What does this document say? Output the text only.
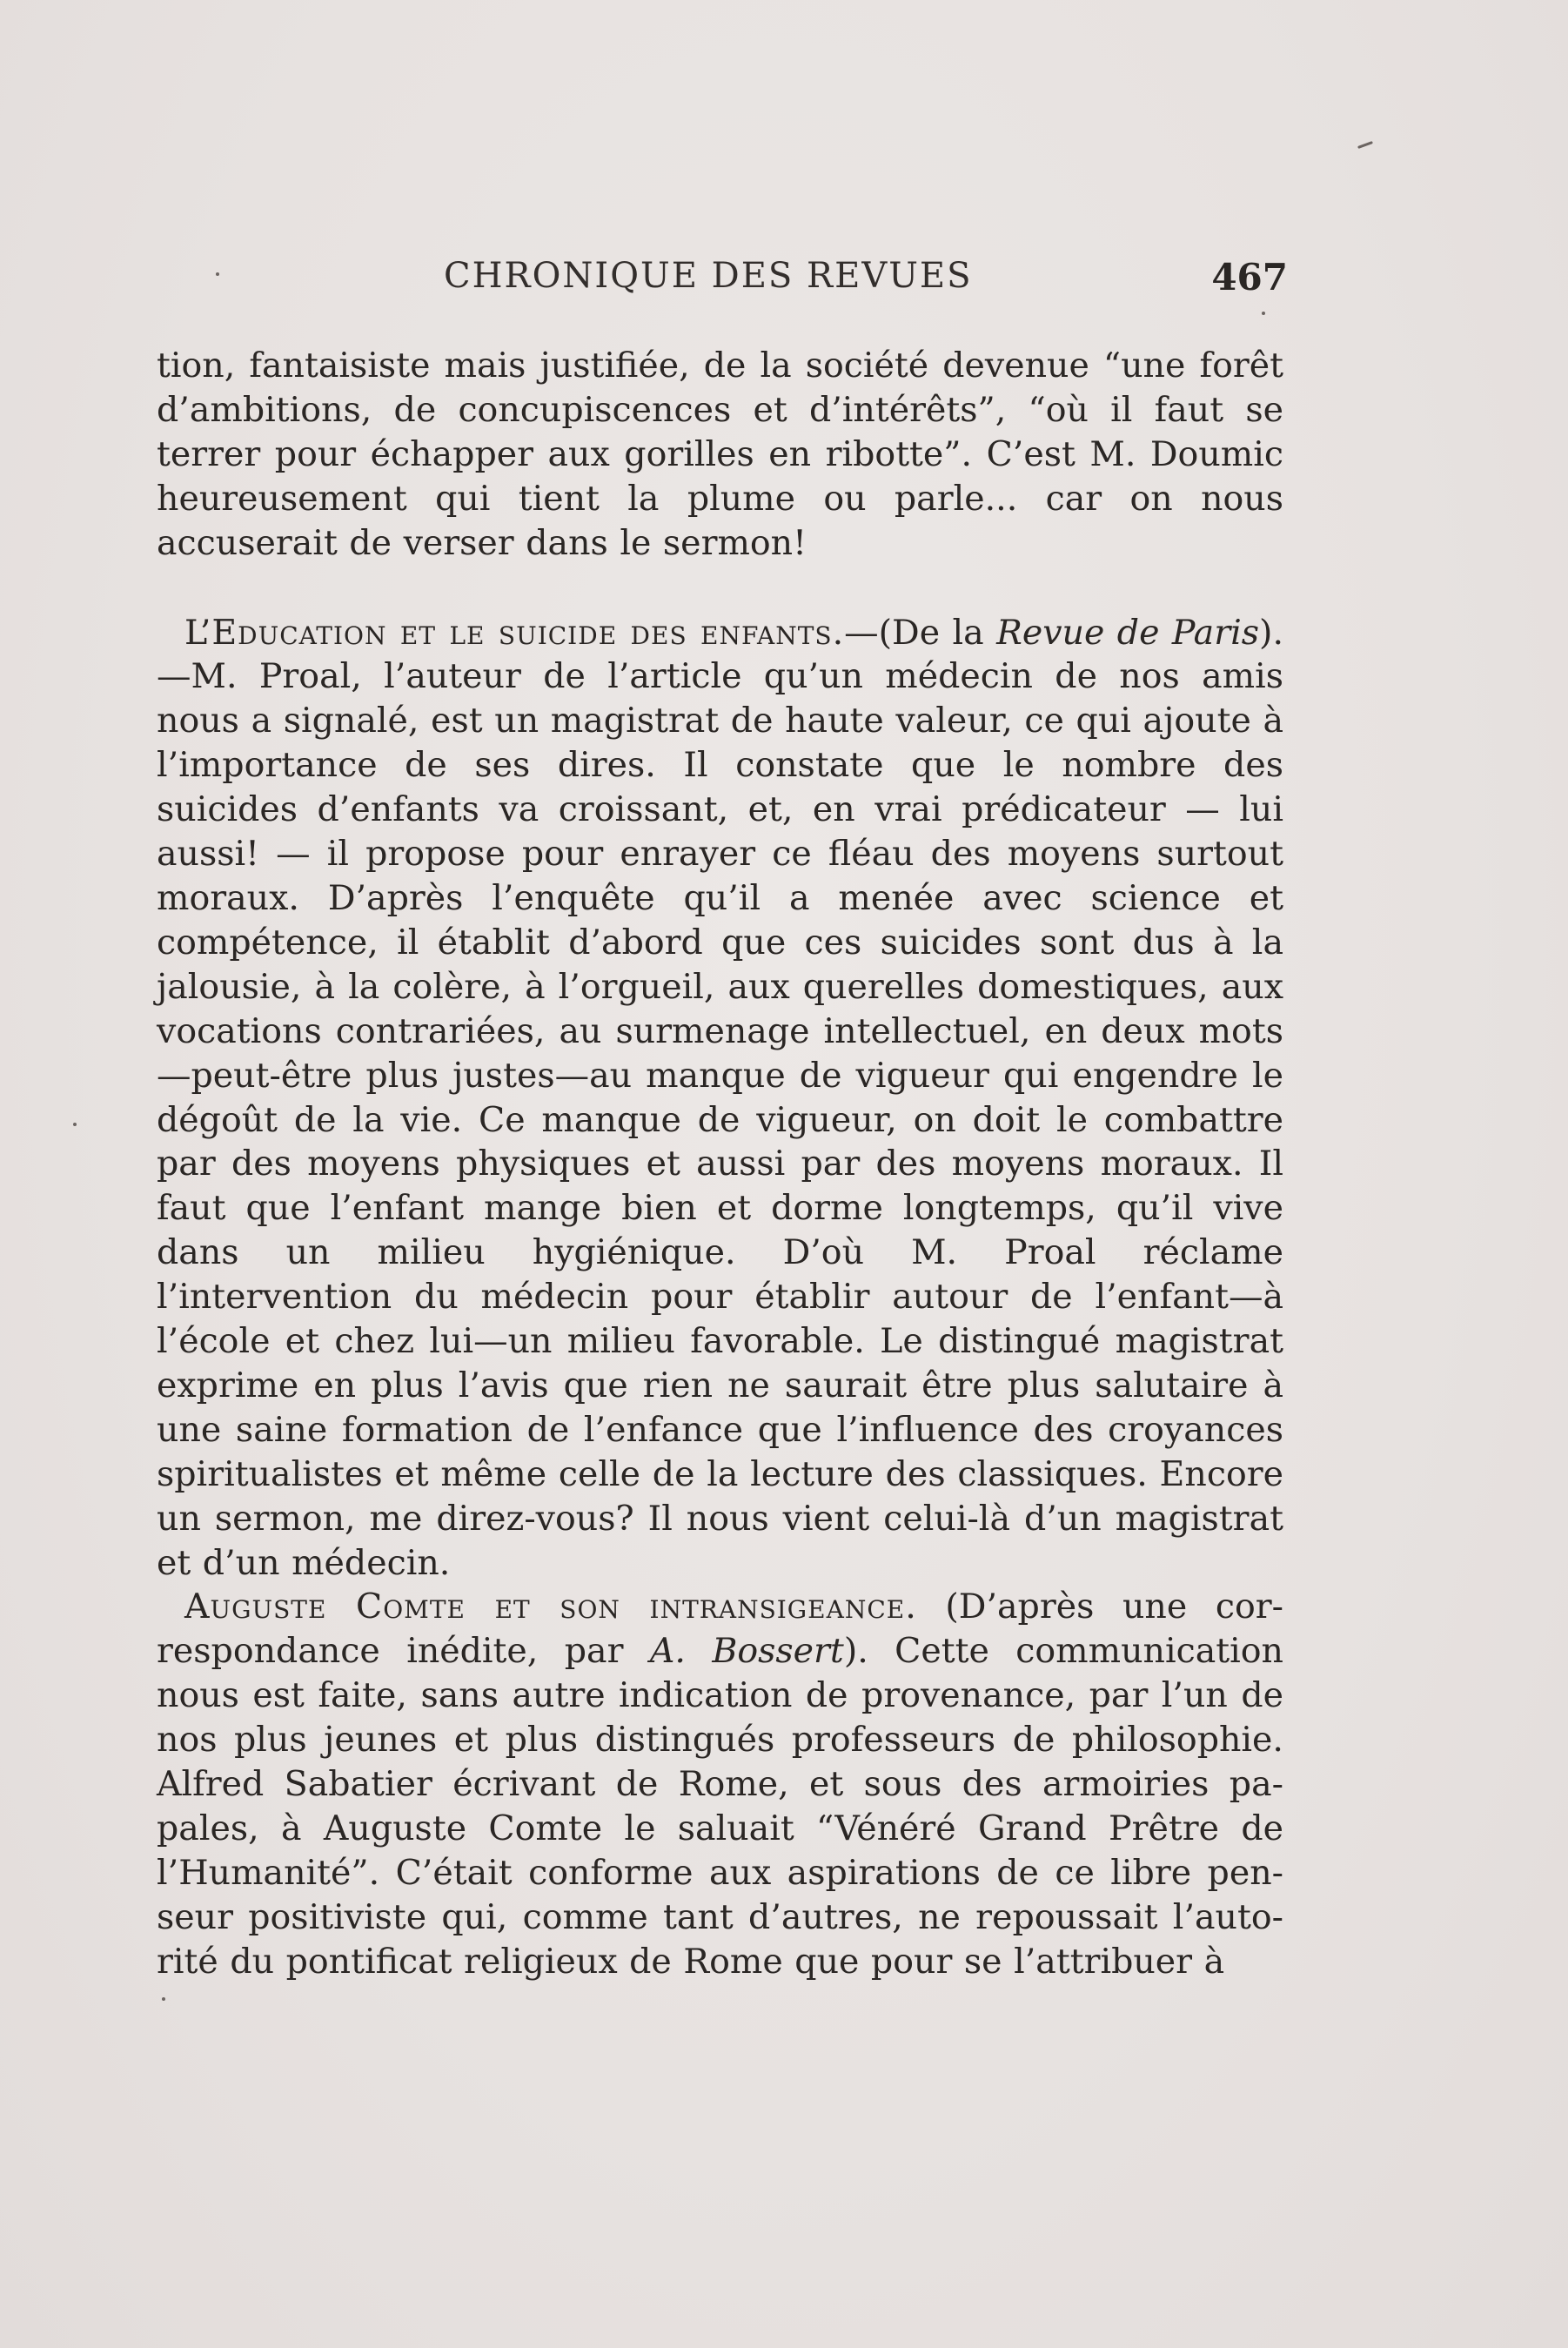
CHRONIQUE DES REVUES	467

tion, fantaisiste mais justifiée, de la société devenue “une forêt d’ambitions, de concupiscences et d’intérêts”, “où il faut se terrer pour échapper aux gorilles en ribotte”. C’est M. Doumic heureusement qui tient la plume ou parle... car on nous accuserait de verser dans le sermon!

L’Education et le suicide des enfants.—(De la Revue de Paris).—M. Proal, l’auteur de l’article qu’un médecin de nos amis nous a signalé, est un magistrat de haute valeur, ce qui ajoute à l’importance de ses dires. Il constate que le nombre des suicides d’enfants va croissant, et, en vrai prédicateur — lui aussi! — il propose pour enrayer ce fléau des moyens surtout moraux. D’après l’enquête qu’il a menée avec science et compétence, il établit d’abord que ces suicides sont dus à la jalousie, à la colère, à l’orgueil, aux querelles domestiques, aux vocations contrariées, au surmenage intellectuel, en deux mots—peut-être plus justes—au manque de vigueur qui engendre le dégoût de la vie. Ce manque de vigueur, on doit le combattre par des moyens physiques et aussi par des moyens moraux. Il faut que l’enfant mange bien et dorme longtemps, qu’il vive dans un milieu hygiénique. D’où M. Proal réclame l’intervention du médecin pour établir autour de l’enfant—à l’école et chez lui—un milieu favorable. Le distingué magistrat exprime en plus l’avis que rien ne saurait être plus salutaire à une saine formation de l’enfance que l’influence des croyances spiritualistes et même celle de la lecture des classiques. Encore un sermon, me direz-vous? Il nous vient celui-là d’un magistrat et d’un médecin.

Auguste Comte et son intransigeance. (D’après une correspondance inédite, par A. Bossert). Cette communication nous est faite, sans autre indication de provenance, par l’un de nos plus jeunes et plus distingués professeurs de philosophie. Alfred Sabatier écrivant de Rome, et sous des armoiries papales, à Auguste Comte le saluait “Vénéré Grand Prêtre de l’Humanité”. C’était conforme aux aspirations de ce libre penseur positiviste qui, comme tant d’autres, ne repoussait l’autorité du pontificat religieux de Rome que pour se l’attribuer à
